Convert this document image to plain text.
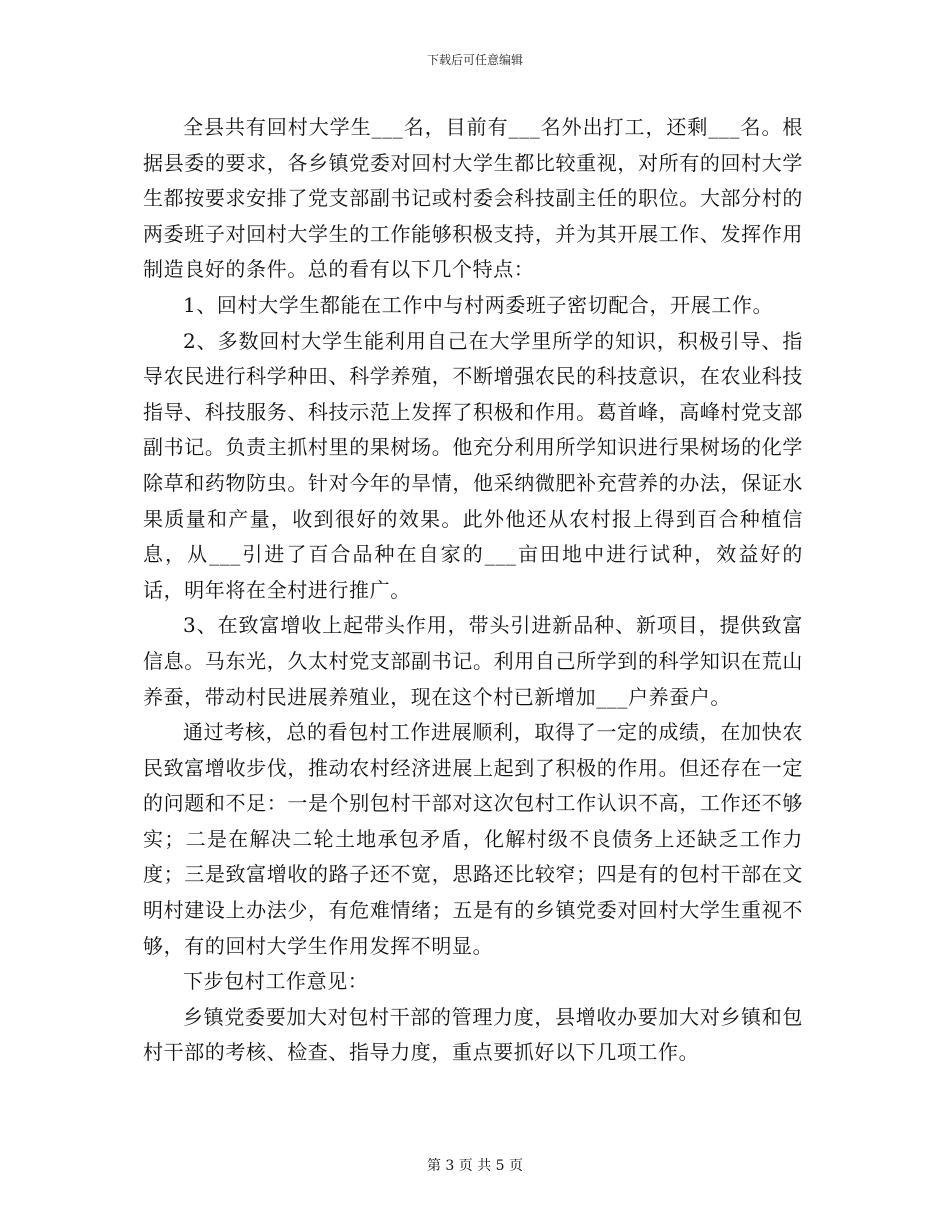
下载后可任意编辑

全县共有回村大学生___名，目前有___名外出打工，还剩___名。根据县委的要求，各乡镇党委对回村大学生都比较重视，对所有的回村大学生都按要求安排了党支部副书记或村委会科技副主任的职位。大部分村的两委班子对回村大学生的工作能够积极支持，并为其开展工作、发挥作用制造良好的条件。总的看有以下几个特点：

1、回村大学生都能在工作中与村两委班子密切配合，开展工作。

2、多数回村大学生能利用自己在大学里所学的知识，积极引导、指导农民进行科学种田、科学养殖，不断增强农民的科技意识，在农业科技指导、科技服务、科技示范上发挥了积极和作用。葛首峰，高峰村党支部副书记。负责主抓村里的果树场。他充分利用所学知识进行果树场的化学除草和药物防虫。针对今年的旱情，他采纳微肥补充营养的办法，保证水果质量和产量，收到很好的效果。此外他还从农村报上得到百合种植信息，从___引进了百合品种在自家的___亩田地中进行试种，效益好的话，明年将在全村进行推广。

3、在致富增收上起带头作用，带头引进新品种、新项目，提供致富信息。马东光，久太村党支部副书记。利用自己所学到的科学知识在荒山养蚕，带动村民进展养殖业，现在这个村已新增加___户养蚕户。

通过考核，总的看包村工作进展顺利，取得了一定的成绩，在加快农民致富增收步伐，推动农村经济进展上起到了积极的作用。但还存在一定的问题和不足：一是个别包村干部对这次包村工作认识不高，工作还不够实；二是在解决二轮土地承包矛盾，化解村级不良债务上还缺乏工作力度；三是致富增收的路子还不宽，思路还比较窄；四是有的包村干部在文明村建设上办法少，有危难情绪；五是有的乡镇党委对回村大学生重视不够，有的回村大学生作用发挥不明显。

下步包村工作意见：

乡镇党委要加大对包村干部的管理力度，县增收办要加大对乡镇和包村干部的考核、检查、指导力度，重点要抓好以下几项工作。

第 3 页 共 5 页
